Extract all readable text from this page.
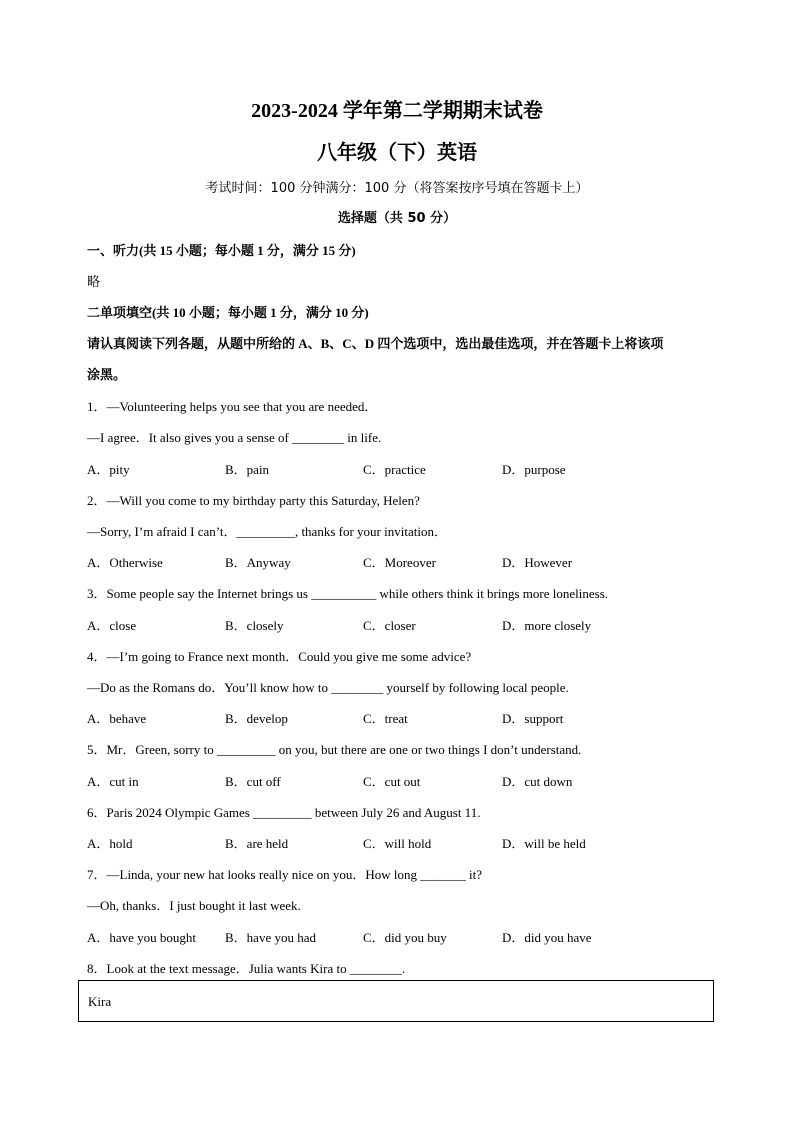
2023-2024 学年第二学期期末试卷
八年级（下）英语
考试时间：100 分钟满分：100 分（将答案按序号填在答题卡上）
选择题（共 50 分）
一、听力(共 15 小题；每小题 1 分，满分 15 分)
略
二单项填空(共 10 小题；每小题 1 分，满分 10 分)
请认真阅读下列各题，从题中所给的 A、B、C、D 四个选项中，选出最佳选项，并在答题卡上将该项
涂黑。
1．—Volunteering helps you see that you are needed．
—I agree．It also gives you a sense of ________ in life.
A．pity	B．pain	C．practice	D．purpose
2．—Will you come to my birthday party this Saturday, Helen?
—Sorry, I’m afraid I can’t．_________, thanks for your invitation．
A．Otherwise	B．Anyway	C．Moreover	D．However
3．Some people say the Internet brings us __________ while others think it brings more loneliness.
A．close	B．closely	C．closer	D．more closely
4．—I’m going to France next month．Could you give me some advice?
—Do as the Romans do．You’ll know how to ________ yourself by following local people.
A．behave	B．develop	C．treat	D．support
5．Mr．Green, sorry to _________ on you, but there are one or two things I don’t understand.
A．cut in	B．cut off	C．cut out	D．cut down
6．Paris 2024 Olympic Games _________ between July 26 and August 11.
A．hold	B．are held	C．will hold	D．will be held
7．—Linda, your new hat looks really nice on you．How long _______ it?
—Oh, thanks．I just bought it last week.
A．have you bought B．have you had	C．did you buy	D．did you have
8．Look at the text message．Julia wants Kira to ________.
Kira
